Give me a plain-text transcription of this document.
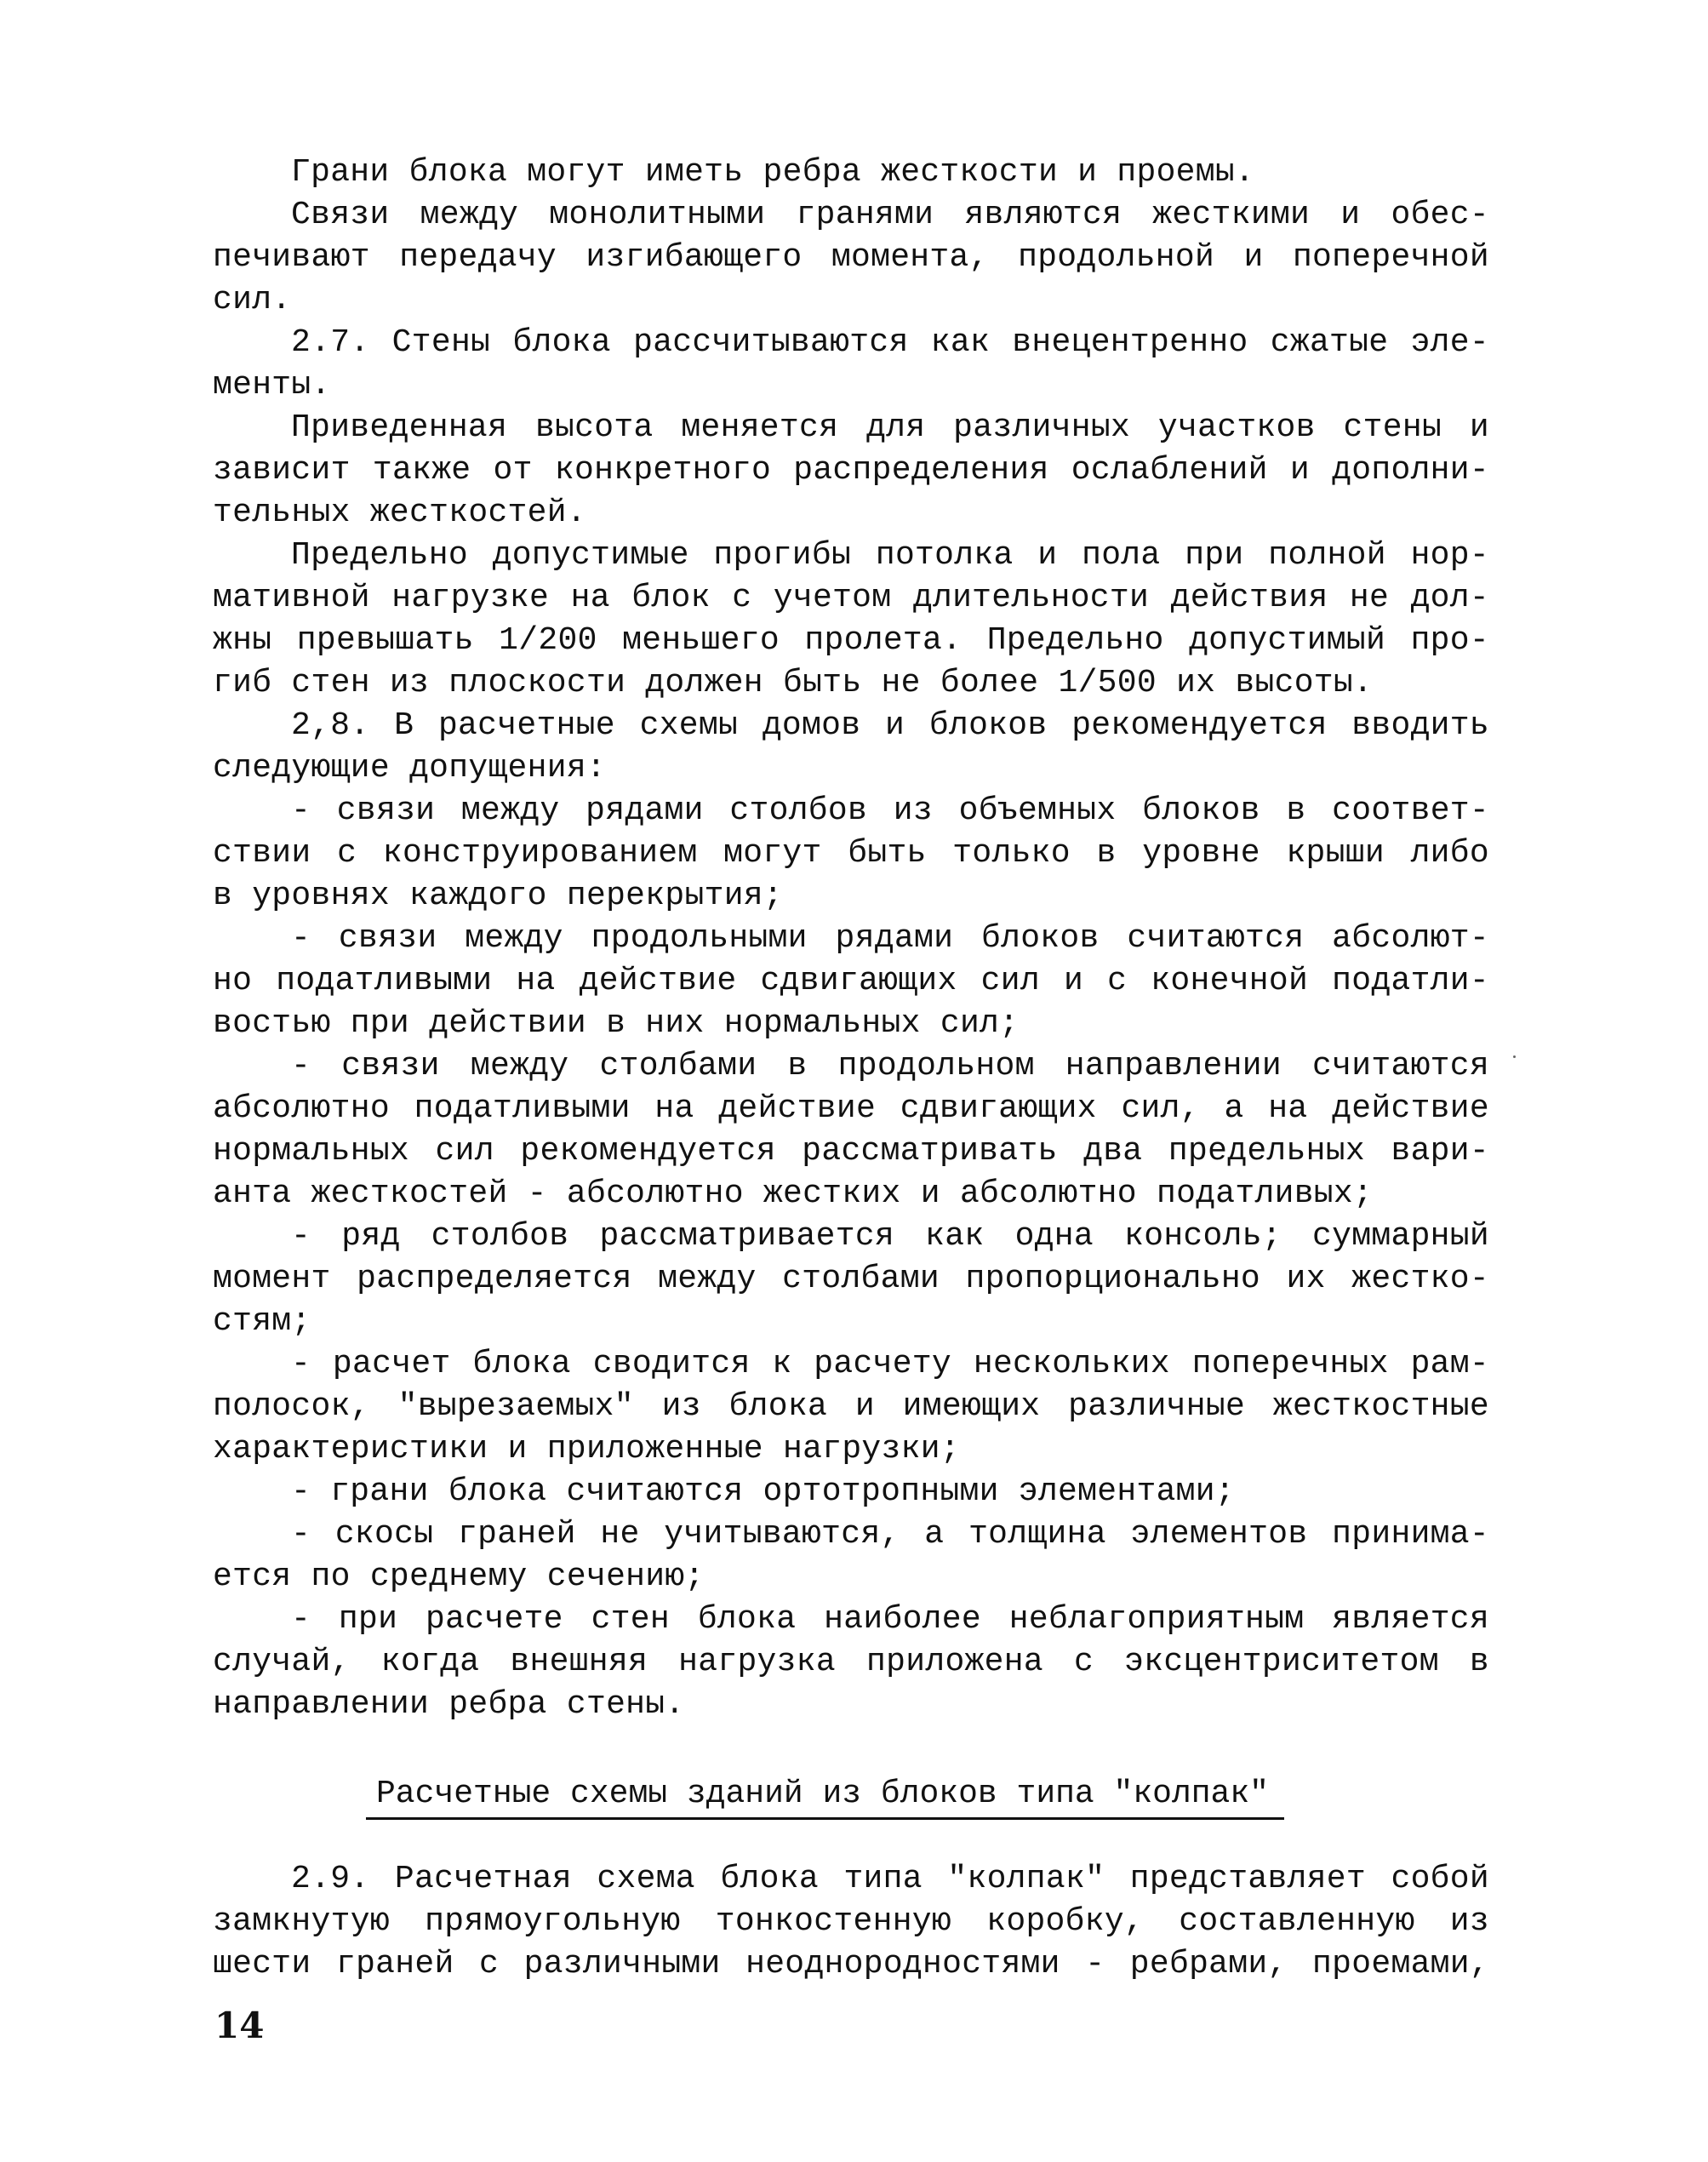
Грани блока могут иметь ребра жесткости и проемы.
Связи между монолитными гранями являются жесткими и обес-
печивают передачу изгибающего момента, продольной и поперечной
сил.
2.7. Стены блока рассчитываются как внецентренно сжатые эле-
менты.
Приведенная высота меняется для различных участков стены и
зависит также от конкретного распределения ослаблений и дополни-
тельных жесткостей.
Предельно допустимые прогибы потолка и пола при полной нор-
мативной нагрузке на блок с учетом длительности действия не дол-
жны превышать 1/200 меньшего пролета. Предельно допустимый про-
гиб стен из плоскости должен быть не более 1/500 их высоты.
2,8. В расчетные схемы домов и блоков рекомендуется вводить
следующие допущения:
- связи между рядами столбов из объемных блоков в соответ-
ствии с конструированием могут быть только в уровне крыши либо
в уровнях каждого перекрытия;
- связи между продольными рядами блоков считаются абсолют-
но податливыми на действие сдвигающих сил и с конечной податли-
востью при действии в них нормальных сил;
- связи между столбами в продольном направлении считаются
абсолютно податливыми на действие сдвигающих сил, а на действие
нормальных сил рекомендуется рассматривать два предельных вари-
анта жесткостей - абсолютно жестких и абсолютно податливых;
- ряд столбов рассматривается как одна консоль; суммарный
момент распределяется между столбами пропорционально их жестко-
стям;
- расчет блока сводится к расчету нескольких поперечных рам-
полосок, "вырезаемых" из блока и имеющих различные жесткостные
характеристики и приложенные нагрузки;
- грани блока считаются ортотропными элементами;
- скосы граней не учитываются, а толщина элементов принима-
ется по среднему сечению;
- при расчете стен блока наиболее неблагоприятным является
случай, когда внешняя нагрузка приложена с эксцентриситетом в
направлении ребра стены.
Расчетные схемы зданий из блоков типа "колпак"
2.9. Расчетная схема блока типа "колпак" представляет собой
замкнутую прямоугольную тонкостенную коробку, составленную из
шести граней с различными неоднородностями - ребрами, проемами,
14
